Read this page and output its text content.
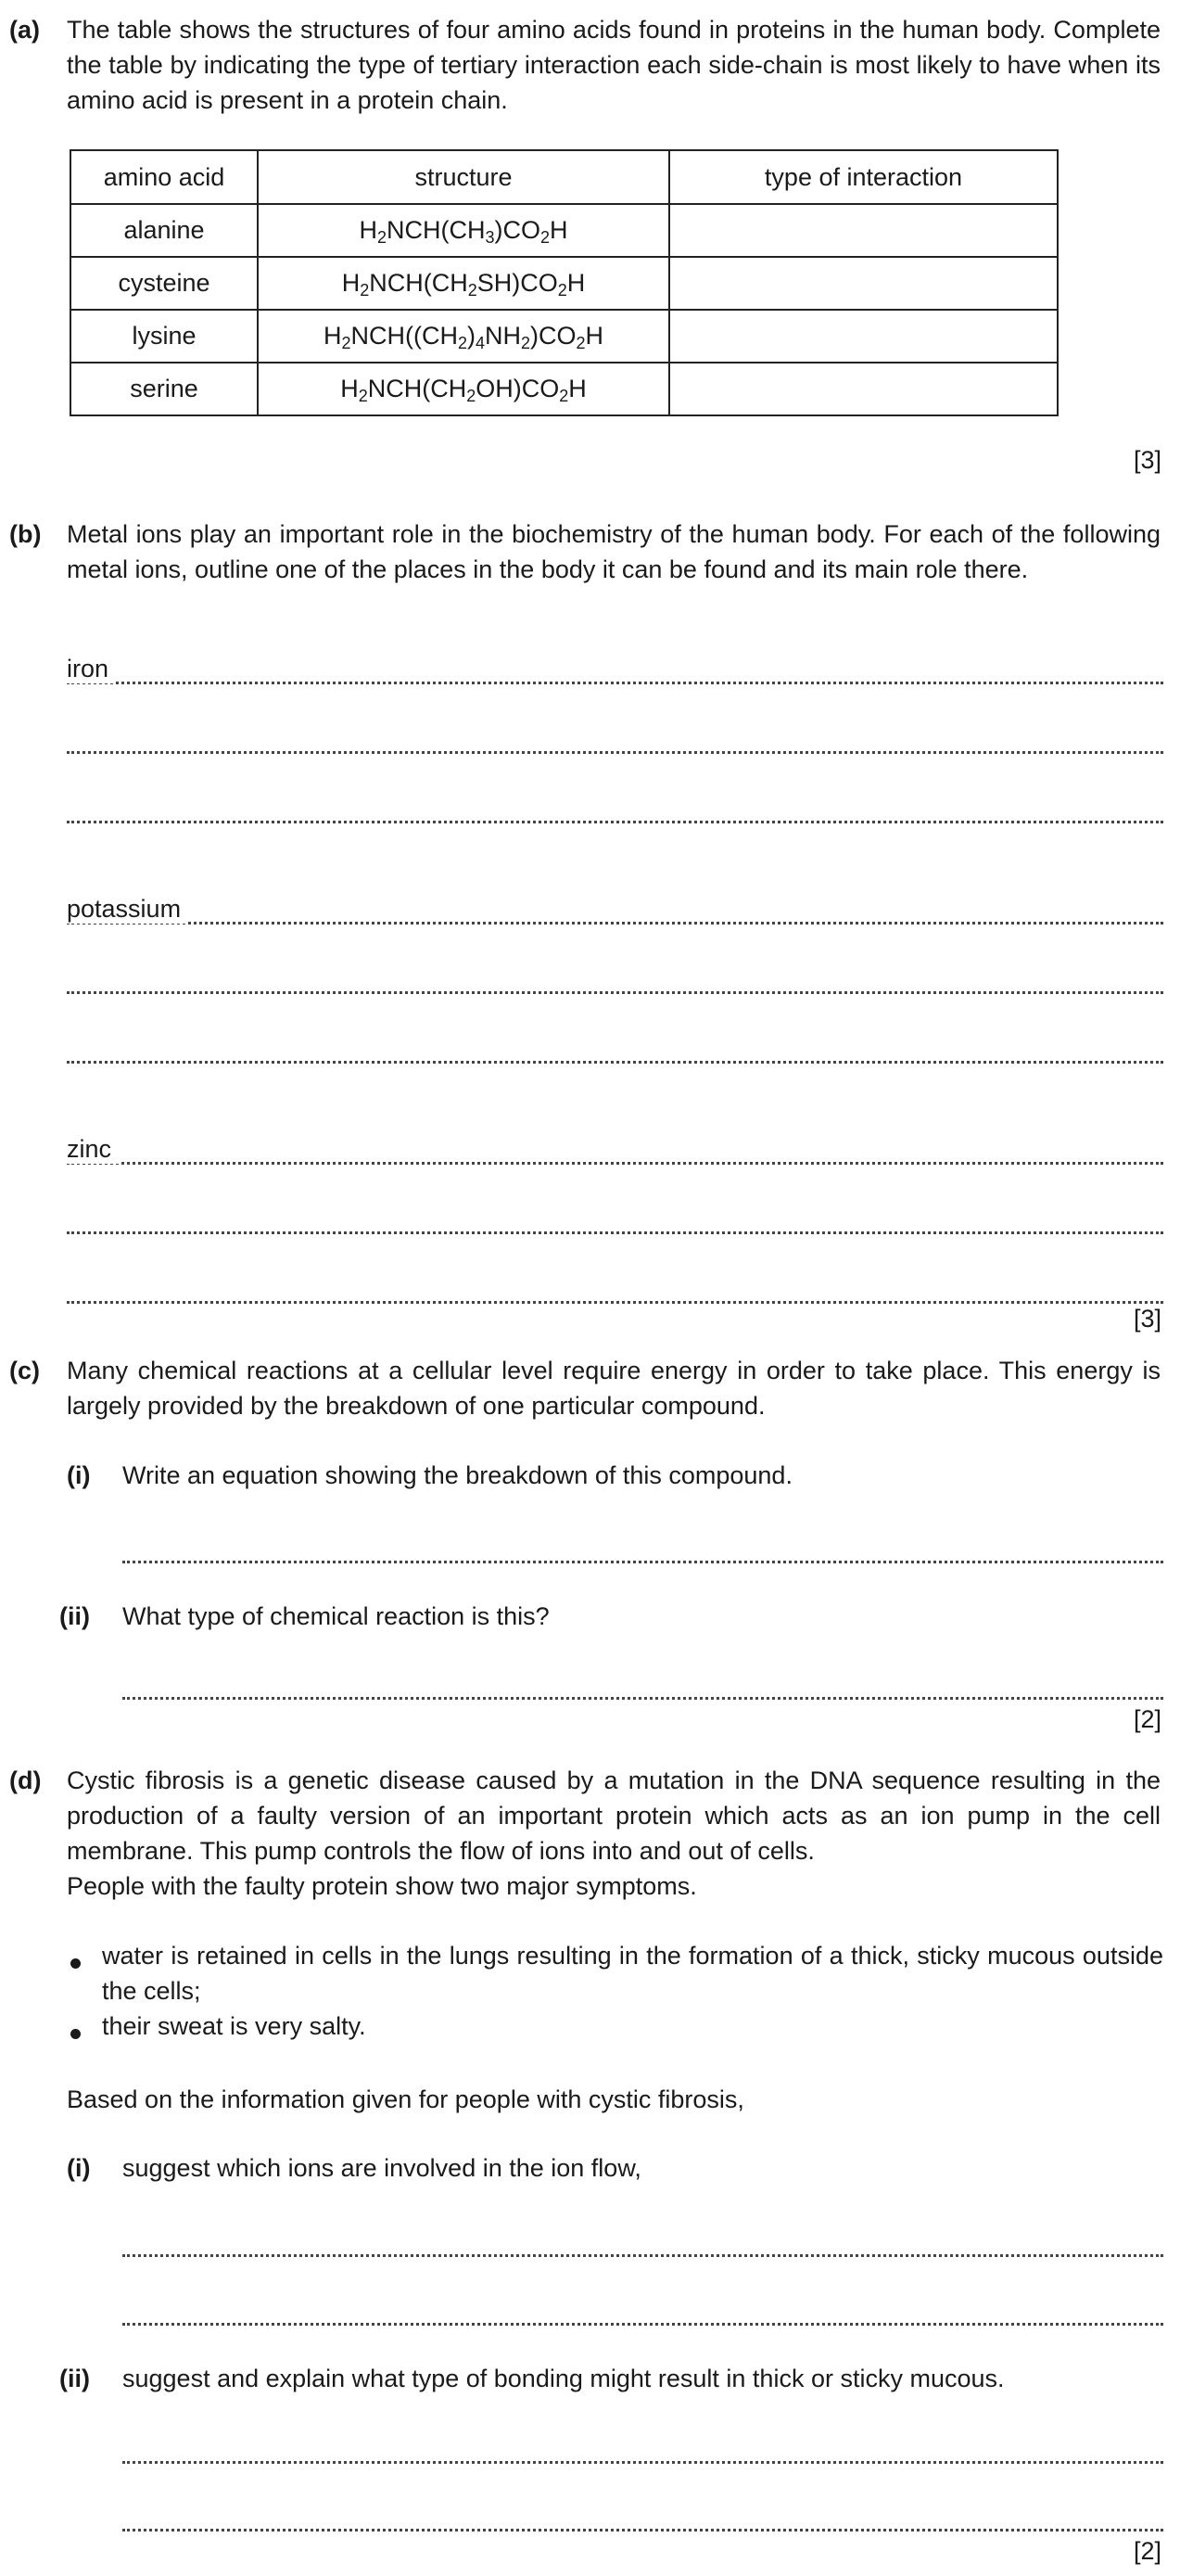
(a) The table shows the structures of four amino acids found in proteins in the human body. Complete the table by indicating the type of tertiary interaction each side-chain is most likely to have when its amino acid is present in a protein chain.

amino acid	structure	type of interaction
alanine	$H_2NCH(CH_3)CO_2H$	
cysteine	$H_2NCH(CH_2SH)CO_2H$	
lysine	$H_2NCH((CH_2)_4NH_2)CO_2H$	
serine	$H_2NCH(CH_2OH)CO_2H$	
[3]
(b) Metal ions play an important role in the biochemistry of the human body. For each of the following metal ions, outline one of the places in the body it can be found and its main role there.

iron
potassium
zinc
[3]
(c) Many chemical reactions at a cellular level require energy in order to take place. This energy is largely provided by the breakdown of one particular compound.

(i) Write an equation showing the breakdown of this compound.
(ii) What type of chemical reaction is this?
[2]
(d) Cystic fibrosis is a genetic disease caused by a mutation in the DNA sequence resulting in the production of a faulty version of an important protein which acts as an ion pump in the cell membrane. This pump controls the flow of ions into and out of cells.

People with the faulty protein show two major symptoms.

water is retained in cells in the lungs resulting in the formation of a thick, sticky mucous outside the cells;

their sweat is very salty.
Based on the information given for people with cystic fibrosis,
(i) suggest which ions are involved in the ion flow,
(ii) suggest and explain what type of bonding might result in thick or sticky mucous.
[2]
